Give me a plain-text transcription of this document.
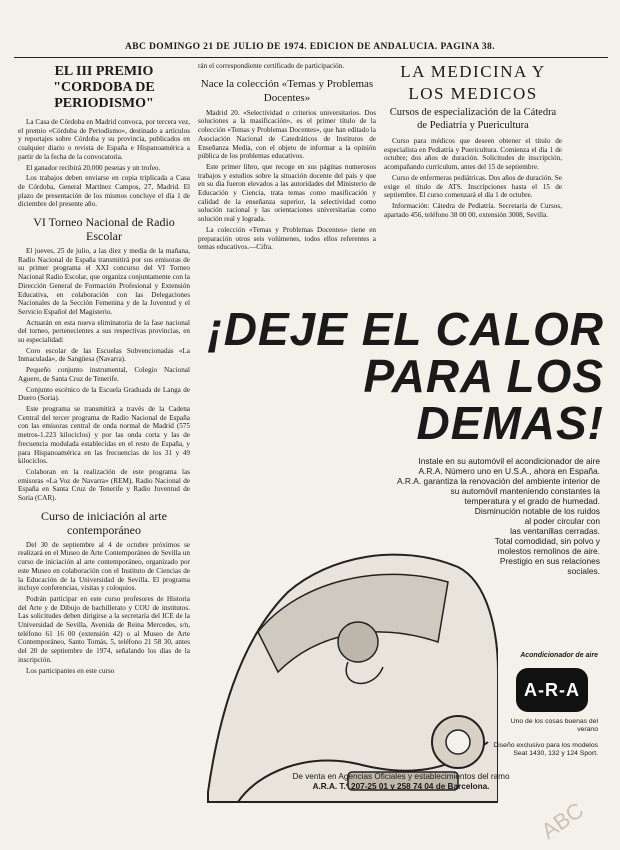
ABC DOMINGO 21 DE JULIO DE 1974. EDICION DE ANDALUCIA. PAGINA 38.
EL III PREMIO "CORDOBA DE PERIODISMO"

La Casa de Córdoba en Madrid convoca, por tercera vez, el premio «Córdoba de Periodismo», destinado a artículos y reportajes sobre Córdoba y su provincia, publicados en cualquier diario o revista de España e Hispanoamérica a partir de la fecha de la convocatoria.

El ganador recibirá 20.000 pesetas y un trofeo.

Los trabajos deben enviarse en copia triplicada a Casa de Córdoba, General Martínez Campos, 27, Madrid. El plazo de presentación de los mismos concluye el día 1 de diciembre del presente año.

VI Torneo Nacional de Radio Escolar

El jueves, 25 de julio, a las diez y media de la mañana, Radio Nacional de España transmitirá por sus emisoras de su primer programa el XXI concurso del VI Torneo Nacional Radio Escolar, que organiza conjuntamente con la Dirección General de Formación Profesional y Extensión Educativa, en colaboración con las Delegaciones Nacionales de la Sección Femenina y de la Juventud y el Servicio Español del Magisterio.

Actuarán en esta nueva eliminatoria de la fase nacional del torneo, pertenecientes a sus respectivas provincias, en su especialidad:

Coro escolar de las Escuelas Subvencionadas «La Inmaculada», de Sangüesa (Navarra).

Pequeño conjunto instrumental, Colegio Nacional Aguere, de Santa Cruz de Tenerife.

Conjunto escénico de la Escuela Graduada de Langa de Duero (Soria).

Este programa se transmitirá a través de la Cadena Central del tercer programa de Radio Nacional de España con las emisoras central de onda normal de Madrid (575 metros-1.223 kilociclos) y por las onda corta y las de frecuencia modulada establecidas en el resto de España, y para Hispanoamérica en las frecuencias de los 31 y 49 kilociclos.

Colaboran en la realización de este programa las emisoras «La Voz de Navarra» (REM), Radio Nacional de España en Santa Cruz de Tenerife y Radio Juventud de Soria (CAR).

Curso de iniciación al arte contemporáneo

Del 30 de septiembre al 4 de octubre próximos se realizará en el Museo de Arte Contemporáneo de Sevilla un curso de iniciación al arte contemporáneo, organizado por este Museo en colaboración con el Instituto de Ciencias de la Educación de la Universidad de Sevilla. El programa incluye conferencias, visitas y coloquios.

Podrán participar en este curso profesores de Historia del Arte y de Dibujo de bachillerato y COU de institutos. Las solicitudes deben dirigirse a la secretaría del ICE de la Universidad de Sevilla, Avenida de Reina Mercedes, s/n, teléfono 61 16 00 (extensión 42) o al Museo de Arte Contemporáneo, Santo Tomás, 5, teléfono 21 58 30, antes del 20 de septiembre de 1974, señalando los días de la inscripción.

Los participantes en este curso

rán el correspondiente certificado de participación.

Nace la colección «Temas y Problemas Docentes»

Madrid 20. «Selectividad o criterios universitarios. Dos soluciones a la masificación», es el primer título de la colección «Temas y Problemas Docentes», que han editado la Asociación Nacional de Catedráticos de Institutos de Enseñanza Media, con el objeto de informar a la opinión pública de los problemas educativos.

Este primer libro, que recoge en sus páginas numerosos trabajos y estudios sobre la situación docente del país y que en su día fueron elevados a las autoridades del Ministerio de Educación y Ciencia, trata temas como masificación y calidad de la enseñanza superior, la selectividad como solución racional y las orientaciones universitarias como solución real y lograda.

La colección «Temas y Problemas Docentes» tiene en preparación otros seis volúmenes, todos ellos referentes a temas educativos.—Cifra.

LA MEDICINA Y
LOS MEDICOS
Cursos de especialización de la Cátedra de Pediatría y Puericultura

Curso para médicos que deseen obtener el título de especialista en Pediatría y Puericultura. Comienza el día 1 de octubre; dos años de duración. Solicitudes de inscripción, acompañando currículum, antes del 15 de septiembre.

Curso de enfermeras pediátricas. Dos años de duración. Se exige el título de ATS. Inscripciones hasta el 15 de septiembre. El curso comenzará el día 1 de octubre.

Información: Cátedra de Pediatría. Secretaría de Cursos, apartado 456, teléfono 38 00 00, extensión 3008, Sevilla.

¡DEJE EL CALOR
PARA LOS
DEMAS!
Instale en su automóvil el acondicionador de aire
A.R.A. Número uno en U.S.A., ahora en España.
A.R.A. garantiza la renovación del ambiente interior de
su automóvil manteniendo constantes la
temperatura y el grado de humedad.
Disminución notable de los ruidos
al poder circular con
las ventanillas cerradas.
Total comodidad, sin polvo y
molestos remolinos de aire.
Prestigio en sus relaciones
sociales.
Acondicionador de aire
A-R-A
Uno de los cosas buenas del verano
Diseño exclusivo para los modelos Seat 1430, 132 y 124 Sport.
De venta en Agencias Oficiales y establecimientos del ramo
A.R.A. T.º 207-25 01 y 258 74 04 de Barcelona.
ABC
